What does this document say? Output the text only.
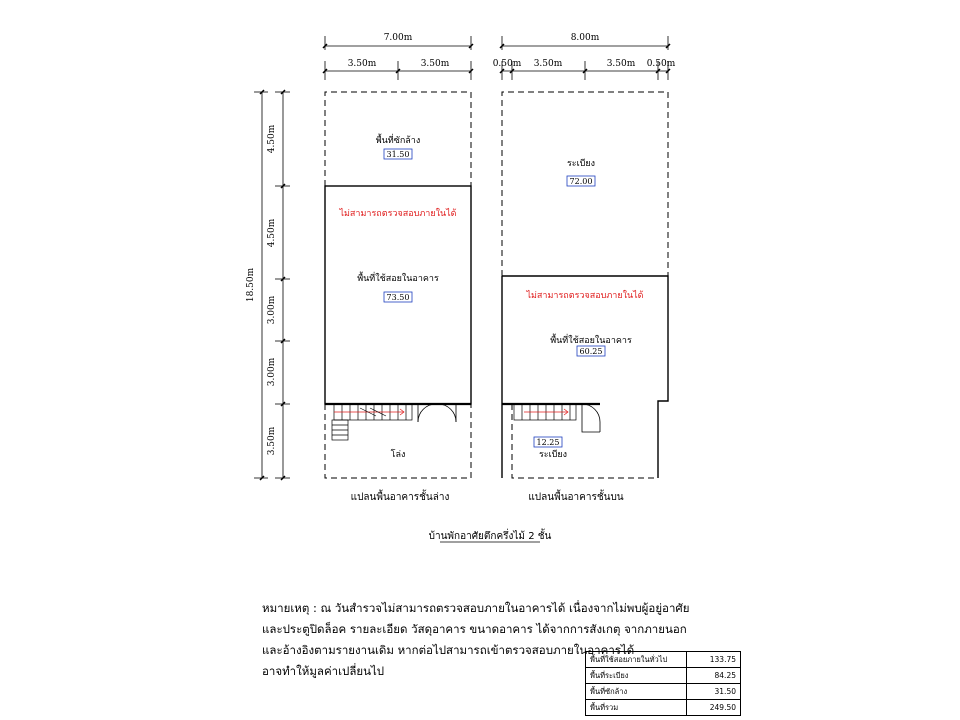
7.00m
3.50m	3.50m
18.50m
4.50m
4.50m
3.00m
3.00m
3.50m
พื้นที่ซักล้าง
31.50
ไม่สามารถตรวจสอบภายในได้
พื้นที่ใช้สอยในอาคาร
73.50
โล่ง
แปลนพื้นอาคารชั้นล่าง
8.00m
0.50m 3.50m	3.50m 0.50m
ระเบียง
72.00
ไม่สามารถตรวจสอบภายในได้
พื้นที่ใช้สอยในอาคาร
60.25
12.25
ระเบียง
แปลนพื้นอาคารชั้นบน
บ้านพักอาศัยตึกครึ่งไม้ 2 ชั้น
หมายเหตุ : ณ วันสำรวจไม่สามารถตรวจสอบภายในอาคารได้ เนื่องจากไม่พบผู้อยู่อาศัย
และประตูปิดล็อค รายละเอียด วัสดุอาคาร ขนาดอาคาร ได้จากการสังเกตุ จากภายนอก
และอ้างอิงตามรายงานเดิม หากต่อไปสามารถเข้าตรวจสอบภายในอาคารได้
อาจทำให้มูลค่าเปลี่ยนไป
พื้นที่ใช้สอยภายในทั่วไป	133.75
พื้นที่ระเบียง	84.25
พื้นที่ซักล้าง	31.50
พื้นที่รวม	249.50
